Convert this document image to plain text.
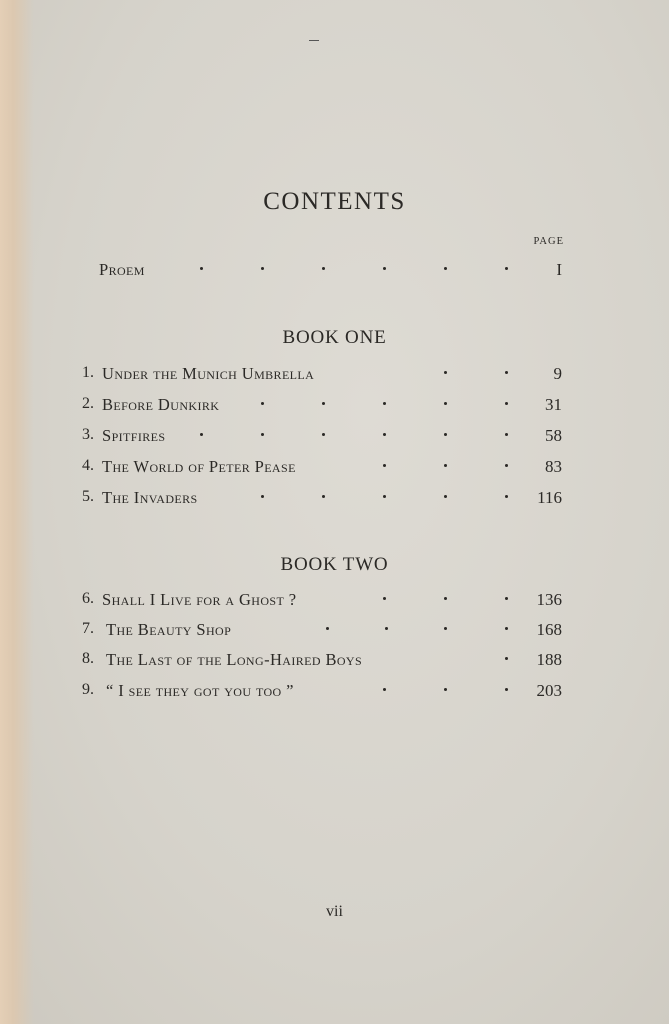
CONTENTS
PAGE
Proem	I
BOOK ONE
1. Under the Munich Umbrella	9
2. Before Dunkirk	31
3. Spitfires	58
4. The World of Peter Pease	83
5. The Invaders	116
BOOK TWO
6. Shall I Live for a Ghost ?	136
7. The Beauty Shop	168
8. The Last of the Long-Haired Boys	188
9. “ I see they got you too ”	203
vii
